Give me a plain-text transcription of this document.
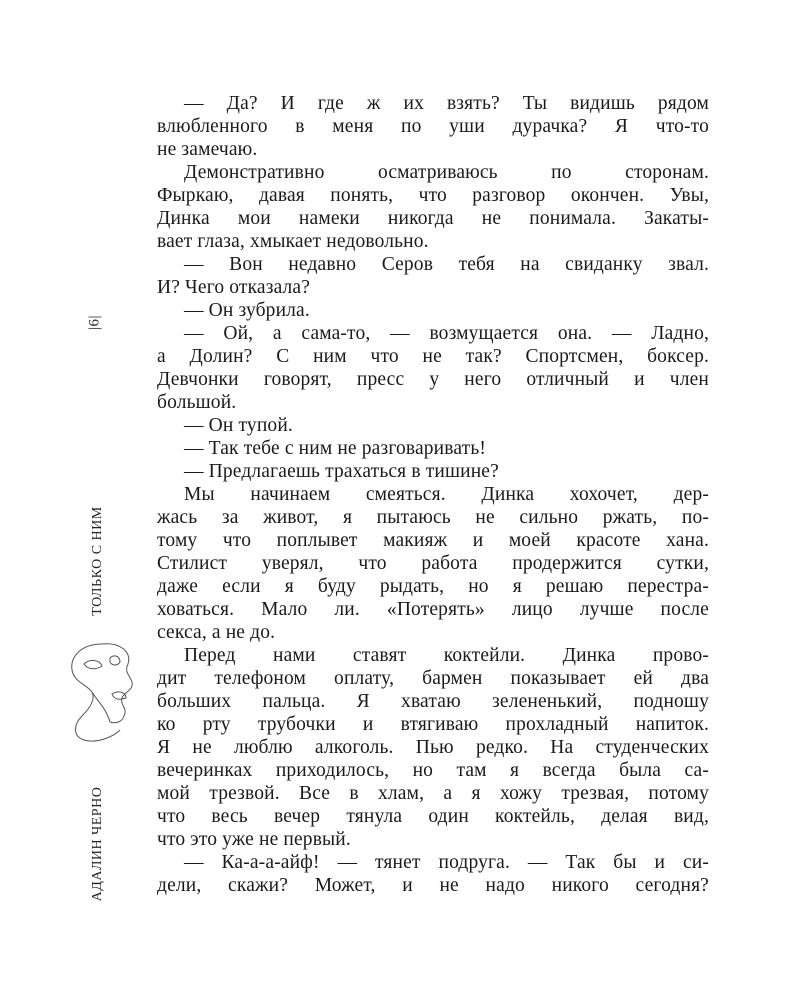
|6|
ТОЛЬКО С НИМ
АДАЛИН ЧЕРНО
— Да? И где ж их взять? Ты видишь рядом
влюбленного в меня по уши дурачка? Я что-то
не замечаю.
Демонстративно осматриваюсь по сторонам.
Фыркаю, давая понять, что разговор окончен. Увы,
Динка мои намеки никогда не понимала. Закаты-
вает глаза, хмыкает недовольно.
— Вон недавно Серов тебя на свиданку звал.
И? Чего отказала?
— Он зубрила.
— Ой, а сама-то, — возмущается она. — Ладно,
а Долин? С ним что не так? Спортсмен, боксер.
Девчонки говорят, пресс у него отличный и член
большой.
— Он тупой.
— Так тебе с ним не разговаривать!
— Предлагаешь трахаться в тишине?
Мы начинаем смеяться. Динка хохочет, дер-
жась за живот, я пытаюсь не сильно ржать, по-
тому что поплывет макияж и моей красоте хана.
Стилист уверял, что работа продержится сутки,
даже если я буду рыдать, но я решаю перестра-
ховаться. Мало ли. «Потерять» лицо лучше после
секса, а не до.
Перед нами ставят коктейли. Динка прово-
дит телефоном оплату, бармен показывает ей два
больших пальца. Я хватаю зелененький, подношу
ко рту трубочки и втягиваю прохладный напиток.
Я не люблю алкоголь. Пью редко. На студенческих
вечеринках приходилось, но там я всегда была са-
мой трезвой. Все в хлам, а я хожу трезвая, потому
что весь вечер тянула один коктейль, делая вид,
что это уже не первый.
— Ка-а-а-айф! — тянет подруга. — Так бы и си-
дели, скажи? Может, и не надо никого сегодня?
